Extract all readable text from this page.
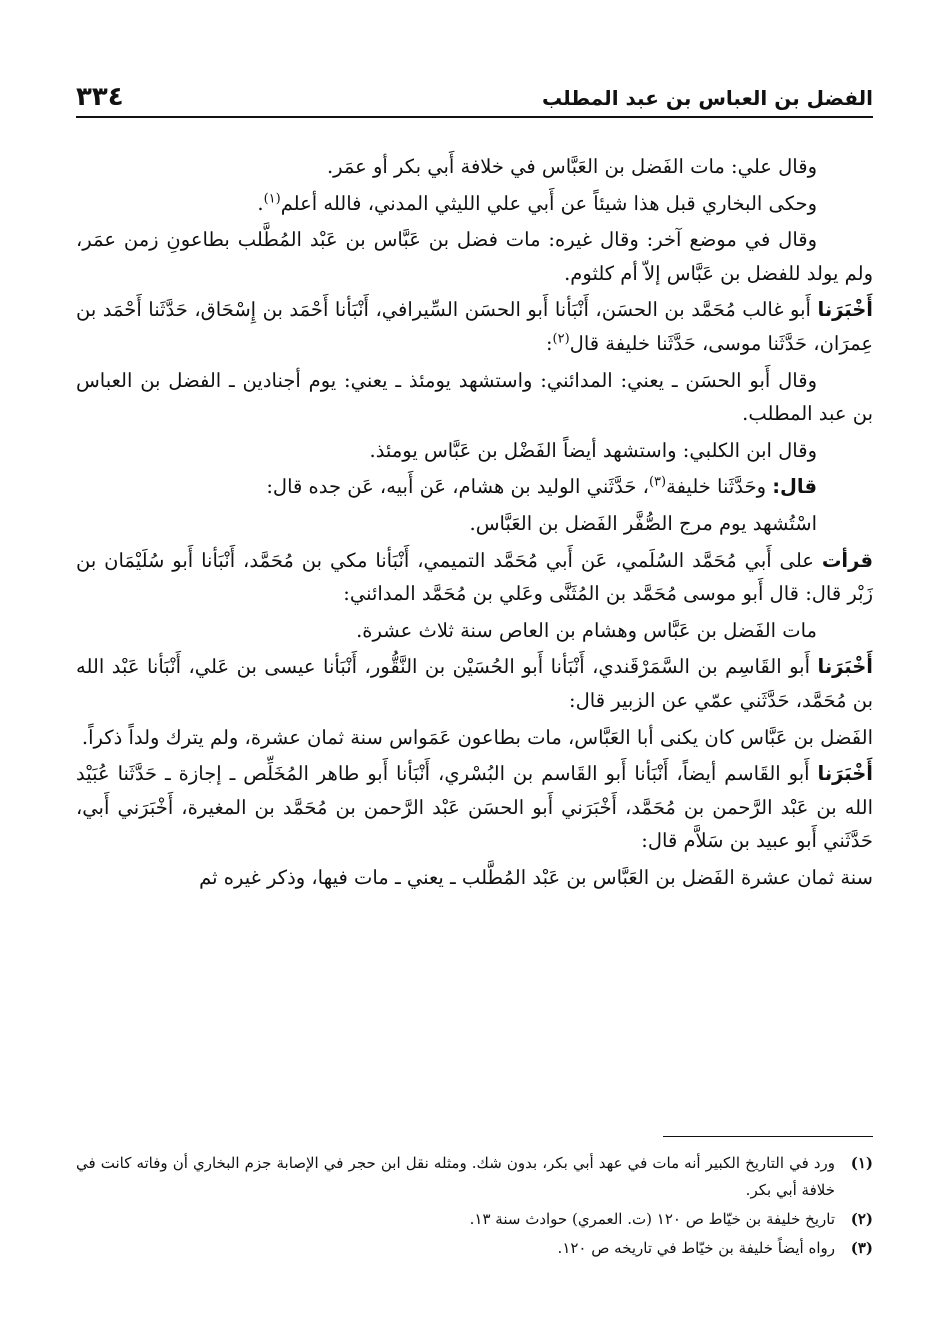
الفضل بن العباس بن عبد المطلب
٣٣٤

وقال علي: مات الفَضل بن العَبَّاس في خلافة أَبي بكر أو عمَر.

وحكى البخاري قبل هذا شيئاً عن أَبي علي الليثي المدني، فالله أعلم$^{(١)}$.

وقال في موضع آخر: وقال غيره: مات فضل بن عَبَّاس بن عَبْد المُطَّلب بطاعونِ زمن عمَر، ولم يولد للفضل بن عَبَّاس إلاّ أم كلثوم.

أَخْبَرَنا أَبو غالب مُحَمَّد بن الحسَن، أَنْبَأنا أَبو الحسَن السِّيرافي، أَنْبَأنا أَحْمَد بن إِسْحَاق، حَدَّثَنا أَحْمَد بن عِمرَان، حَدَّثَنا موسى، حَدَّثَنا خليفة قال$^{(٢)}$:

وقال أَبو الحسَن ـ يعني: المدائني: واستشهد يومئذ ـ يعني: يوم أجنادين ـ الفضل بن العباس بن عبد المطلب.

وقال ابن الكلبي: واستشهد أيضاً الفَضْل بن عَبَّاس يومئذ.

قال: وحَدَّثَنا خليفة$^{(٣)}$، حَدَّثَني الوليد بن هشام، عَن أَبيه، عَن جده قال:

اسْتُشهد يوم مرج الصُّفَّر الفَضل بن العَبَّاس.

قرأت على أَبي مُحَمَّد السُلَمي، عَن أَبي مُحَمَّد التميمي، أَنْبَأنا مكي بن مُحَمَّد، أَنْبَأنا أَبو سُلَيْمَان بن زَبْر قال: قال أَبو موسى مُحَمَّد بن المُثَنَّى وعَلي بن مُحَمَّد المدائني:

مات الفَضل بن عَبَّاس وهشام بن العاص سنة ثلاث عشرة.

أَخْبَرَنا أَبو القَاسِم بن السَّمَرْقَندي، أَنْبَأنا أَبو الحُسَيْن بن النَّقُّور، أَنْبَأنا عيسى بن عَلي، أَنْبَأنا عَبْد الله بن مُحَمَّد، حَدَّثَني عمّي عن الزبير قال:

الفَضل بن عَبَّاس كان يكنى أبا العَبَّاس، مات بطاعون عَمَواس سنة ثمان عشرة، ولم يترك ولداً ذكراً.

أَخْبَرَنا أَبو القَاسم أيضاً، أَنْبَأنا أَبو القَاسم بن البُسْري، أَنْبَأنا أَبو طاهر المُخَلِّص ـ إجازة ـ حَدَّثَنا عُبَيْد الله بن عَبْد الرَّحمن بن مُحَمَّد، أَخْبَرَني أَبو الحسَن عَبْد الرَّحمن بن مُحَمَّد بن المغيرة، أَخْبَرَني أَبي، حَدَّثَني أَبو عبيد بن سَلاَّم قال:

سنة ثمان عشرة الفَضل بن العَبَّاس بن عَبْد المُطَّلب ـ يعني ـ مات فيها، وذكر غيره ثم

(١)
ورد في التاريخ الكبير أنه مات في عهد أبي بكر، بدون شك. ومثله نقل ابن حجر في الإصابة جزم البخاري أن وفاته كانت في خلافة أبي بكر.
(٢)
تاريخ خليفة بن خيّاط ص ١٢٠ (ت. العمري) حوادث سنة ١٣.
(٣)
رواه أيضاً خليفة بن خيّاط في تاريخه ص ١٢٠.
